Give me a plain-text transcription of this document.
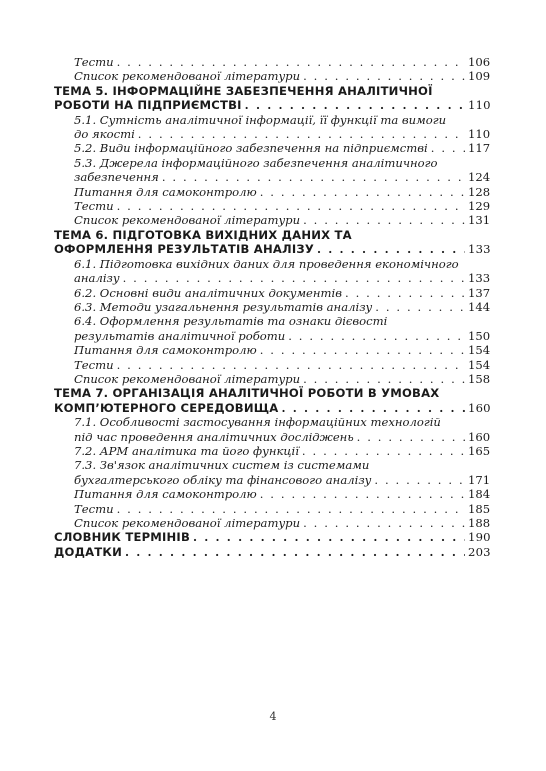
Тести . . .	106
Список рекомендованої літератури . . .	109
ТЕМА 5. ІНФОРМАЦІЙНЕ ЗАБЕЗПЕЧЕННЯ АНАЛІТИЧНОЇ
РОБОТИ НА ПІДПРИЄМСТВІ . . .	110
5.1. Сутність аналітичної інформації, її функції та вимоги
до якості . . .	110
5.2. Види інформаційного забезпечення на підприємстві . . .	117
5.3. Джерела інформаційного забезпечення аналітичного
забезпечення . . .	124
Питання для самоконтролю . . .	128
Тести . . .	129
Список рекомендованої літератури . . .	131
ТЕМА 6. ПІДГОТОВКА ВИХІДНИХ ДАНИХ ТА
ОФОРМЛЕННЯ РЕЗУЛЬТАТІВ АНАЛІЗУ . . .	133
6.1. Підготовка вихідних даних для проведення економічного
аналізу . . .	133
6.2. Основні види аналітичних документів . . .	137
6.3. Методи узагальнення результатів аналізу . . .	144
6.4. Оформлення результатів та ознаки дієвості
результатів аналітичної роботи . . .	150
Питання для самоконтролю . . .	154
Тести . . .	154
Список рекомендованої літератури . . .	158
ТЕМА 7. ОРГАНІЗАЦІЯ АНАЛІТИЧНОЇ РОБОТИ В УМОВАХ
КОМП’ЮТЕРНОГО СЕРЕДОВИЩА . . .	160
7.1. Особливості застосування інформаційних технологій
під час проведення аналітичних досліджень . . .	160
7.2. АРМ аналітика та його функції . . .	165
7.3. Зв'язок аналітичних систем із системами
бухгалтерського обліку та фінансового аналізу . . .	171
Питання для самоконтролю . . .	184
Тести . . .	185
Список рекомендованої літератури . . .	188
СЛОВНИК ТЕРМІНІВ . . .	190
ДОДАТКИ . . .	203
4
